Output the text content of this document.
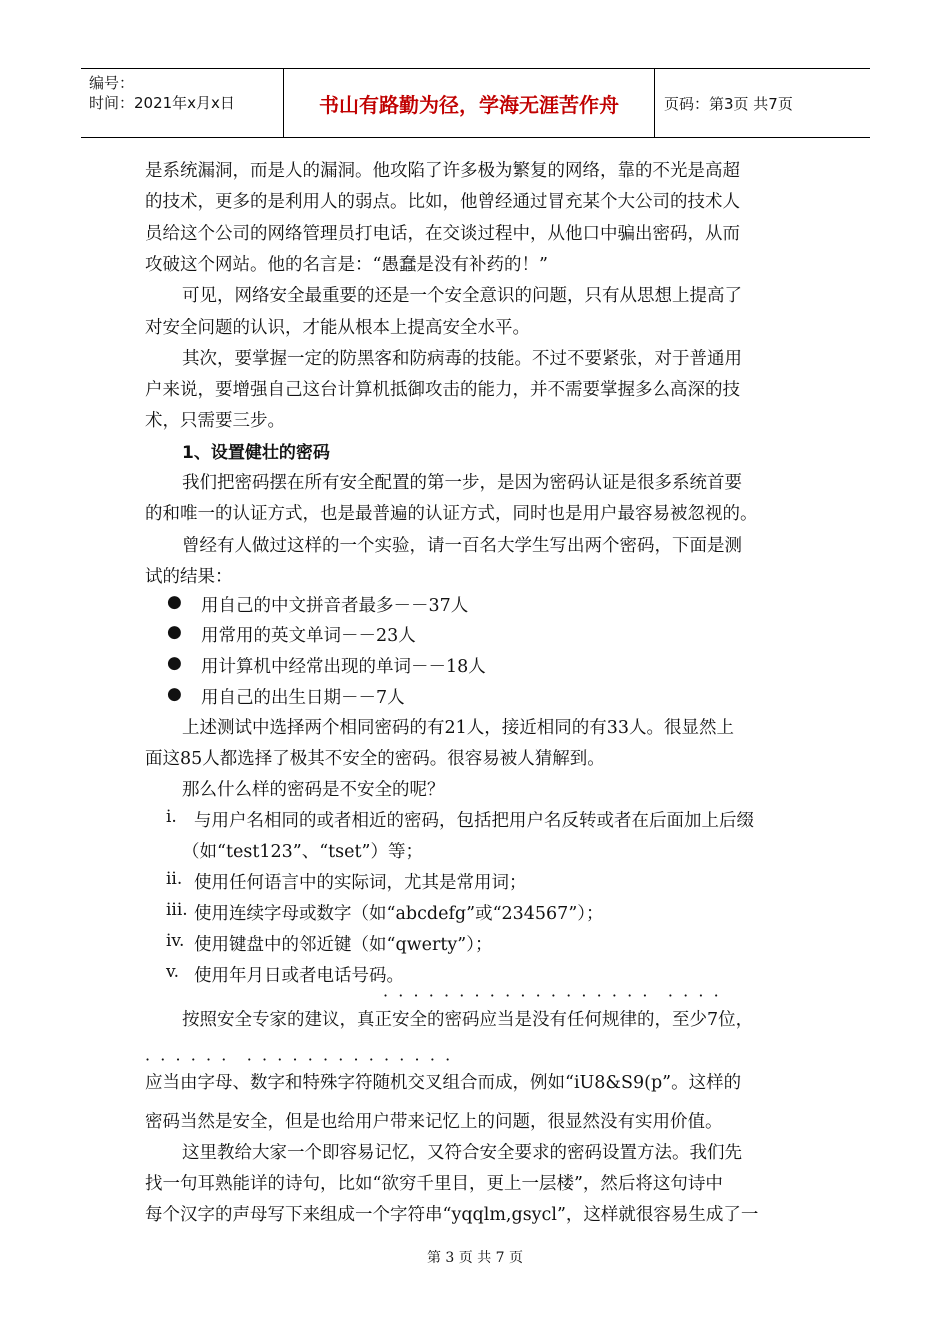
编号：
时间：2021年x月x日	书山有路勤为径，学海无涯苦作舟	页码：第3页 共7页
是系统漏洞，而是人的漏洞。他攻陷了许多极为繁复的网络，靠的不光是高超
的技术，更多的是利用人的弱点。比如，他曾经通过冒充某个大公司的技术人
员给这个公司的网络管理员打电话，在交谈过程中，从他口中骗出密码，从而
攻破这个网站。他的名言是：“愚蠢是没有补药的！”
可见，网络安全最重要的还是一个安全意识的问题，只有从思想上提高了
对安全问题的认识，才能从根本上提高安全水平。
其次，要掌握一定的防黑客和防病毒的技能。不过不要紧张，对于普通用
户来说，要增强自己这台计算机抵御攻击的能力，并不需要掌握多么高深的技
术，只需要三步。
1、设置健壮的密码
我们把密码摆在所有安全配置的第一步，是因为密码认证是很多系统首要
的和唯一的认证方式，也是最普遍的认证方式，同时也是用户最容易被忽视的。
曾经有人做过这样的一个实验，请一百名大学生写出两个密码，下面是测
试的结果：
● 用自己的中文拼音者最多－－37人
● 用常用的英文单词－－23人
● 用计算机中经常出现的单词－－18人
● 用自己的出生日期－－7人
上述测试中选择两个相同密码的有21人，接近相同的有33人。很显然上
面这85人都选择了极其不安全的密码。很容易被人猜解到。
那么什么样的密码是不安全的呢？
i. 与用户名相同的或者相近的密码，包括把用户名反转或者在后面加上后缀
（如“test123”、“tset”）等；
ii. 使用任何语言中的实际词，尤其是常用词；
iii. 使用连续字母或数字（如“abcdefg”或“234567”）；
iv. 使用键盘中的邻近键（如“qwerty”）；
v. 使用年月日或者电话号码。
·  ·  ·  ·  ·  ·  ·  ·  ·  ·  ·  ·  ·  ·  ·  ·  ·  ·    ·  ·  ·  ·
按照安全专家的建议，真正安全的密码应当是没有任何规律的，至少7位，
·  ·  ·  ·  ·  ·    ·  ·  ·  ·  ·  ·  ·  ·  ·  ·  ·  ·  ·  ·
应当由字母、数字和特殊字符随机交叉组合而成，例如“iU8&S9(p”。这样的
密码当然是安全，但是也给用户带来记忆上的问题，很显然没有实用价值。
这里教给大家一个即容易记忆，又符合安全要求的密码设置方法。我们先
找一句耳熟能详的诗句，比如“欲穷千里目，更上一层楼”，然后将这句诗中
每个汉字的声母写下来组成一个字符串“yqqlm,gsycl”，这样就很容易生成了一
第 3 页 共 7 页
